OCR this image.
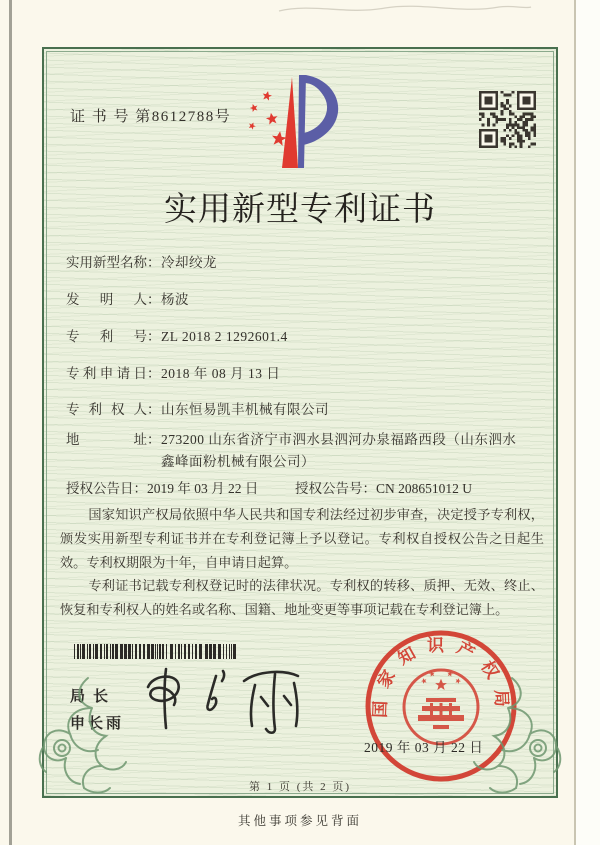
证 书 号 第8612788号
实用新型专利证书
实用新型名称 ： 冷却绞龙
发明人 ： 杨波
专利号 ： ZL 2018 2 1292601.4
专利申请日 ： 2018 年 08 月 13 日
专利权人 ： 山东恒易凯丰机械有限公司
地址 ： 273200 山东省济宁市泗水县泗河办泉福路西段（山东泗水鑫峰面粉机械有限公司）
授权公告日：2019 年 03 月 22 日	授权公告号：CN 208651012 U

国家知识产权局依照中华人民共和国专利法经过初步审查，决定授予专利权，颁发实用新型专利证书并在专利登记簿上予以登记。专利权自授权公告之日起生效。专利权期限为十年，自申请日起算。

专利证书记载专利权登记时的法律状况。专利权的转移、质押、无效、终止、恢复和专利权人的姓名或名称、国籍、地址变更等事项记载在专利登记簿上。

局长
申长雨
国家知识产权局
2019 年 03 月 22 日
第 1 页 (共 2 页)
其他事项参见背面
